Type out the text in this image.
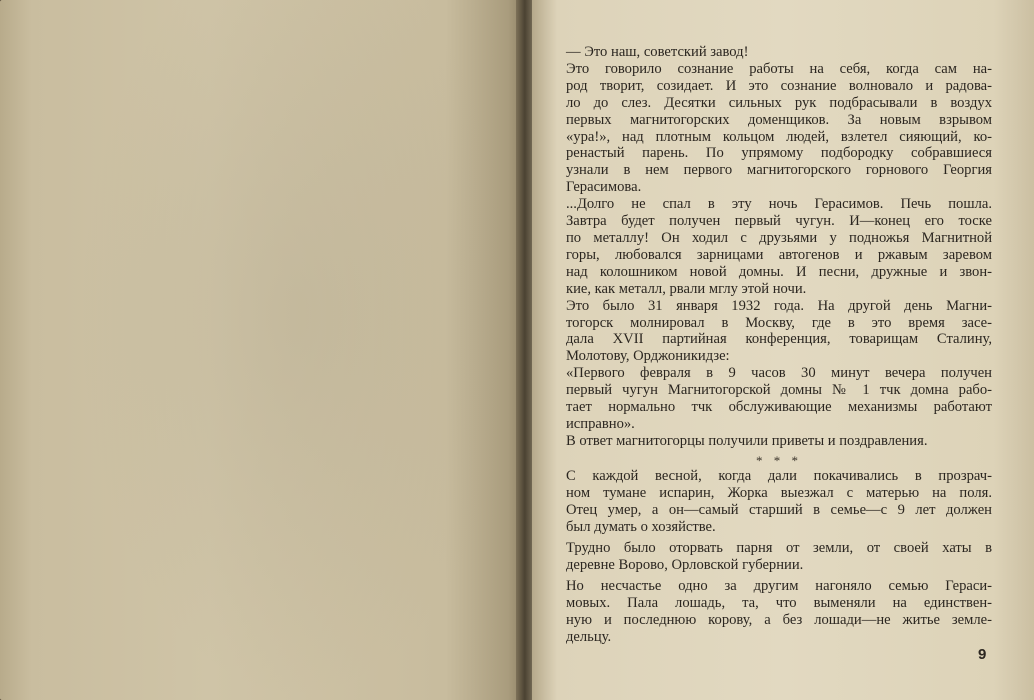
— Это наш, советский завод!

Это говорило сознание работы на себя, когда сам на-
род творит, созидает. И это сознание волновало и радова-
ло до слез. Десятки сильных рук подбрасывали в воздух
первых магнитогорских доменщиков. За новым взрывом
«ура!», над плотным кольцом людей, взлетел сияющий, ко-
ренастый парень. По упрямому подбородку собравшиеся
узнали в нем первого магнитогорского горнового Георгия
Герасимова.

...Долго не спал в эту ночь Герасимов. Печь пошла.
Завтра будет получен первый чугун. И—конец его тоске
по металлу! Он ходил с друзьями у подножья Магнитной
горы, любовался зарницами автогенов и ржавым заревом
над колошником новой домны. И песни, дружные и звон-
кие, как металл, рвали мглу этой ночи.

Это было 31 января 1932 года. На другой день Магни-
тогорск молнировал в Москву, где в это время засе-
дала XVII партийная конференция, товарищам Сталину,
Молотову, Орджоникидзе:

«Первого февраля в 9 часов 30 минут вечера получен
первый чугун Магнитогорской домны № 1 тчк домна рабо-
тает нормально тчк обслуживающие механизмы работают
исправно».

В ответ магнитогорцы получили приветы и поздравления.

* * *

С каждой весной, когда дали покачивались в прозрач-
ном тумане испарин, Жорка выезжал с матерью на поля.
Отец умер, а он—самый старший в семье—с 9 лет должен
был думать о хозяйстве.

Трудно было оторвать парня от земли, от своей хаты в
деревне Ворово, Орловской губернии.

Но несчастье одно за другим нагоняло семью Гераси-
мовых. Пала лошадь, та, что выменяли на единствен-
ную и последнюю корову, а без лошади—не житье земле-
дельцу.

9
